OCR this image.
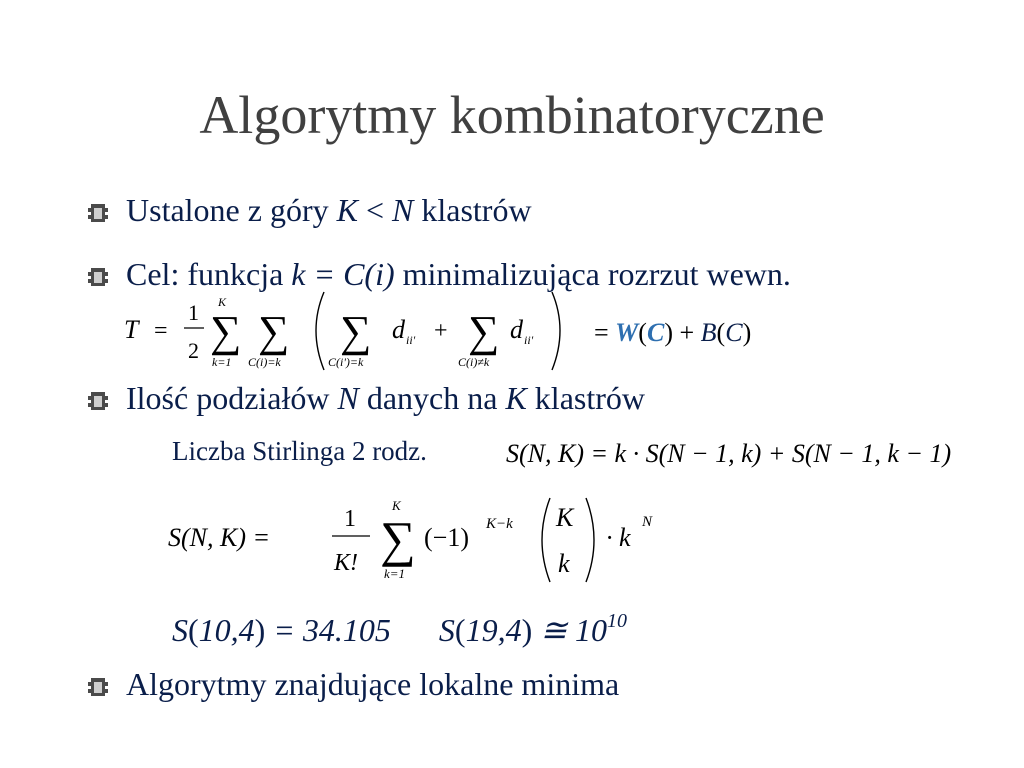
Algorytmy kombinatoryczne
Ustalone z góry K < N klastrów
Cel: funkcja k = C(i) minimalizująca rozrzut wewn.
T =
1
2
K
∑
k=1
∑
C(i)=k
∑
C(i')=k
d ii' + ∑
C(i)≠k
d ii' = W(C) + B(C)
Ilość podziałów N danych na K klastrów
Liczba Stirlinga 2 rodz.	S(N, K) = k · S(N − 1, k) + S(N − 1, k − 1)
S(N, K) =
1
K!
K
∑
k=1
(−1) K−k K
k
· k
N
S(10,4) = 34.105 S(19,4) ≅ $10^{10}$
Algorytmy znajdujące lokalne minima
